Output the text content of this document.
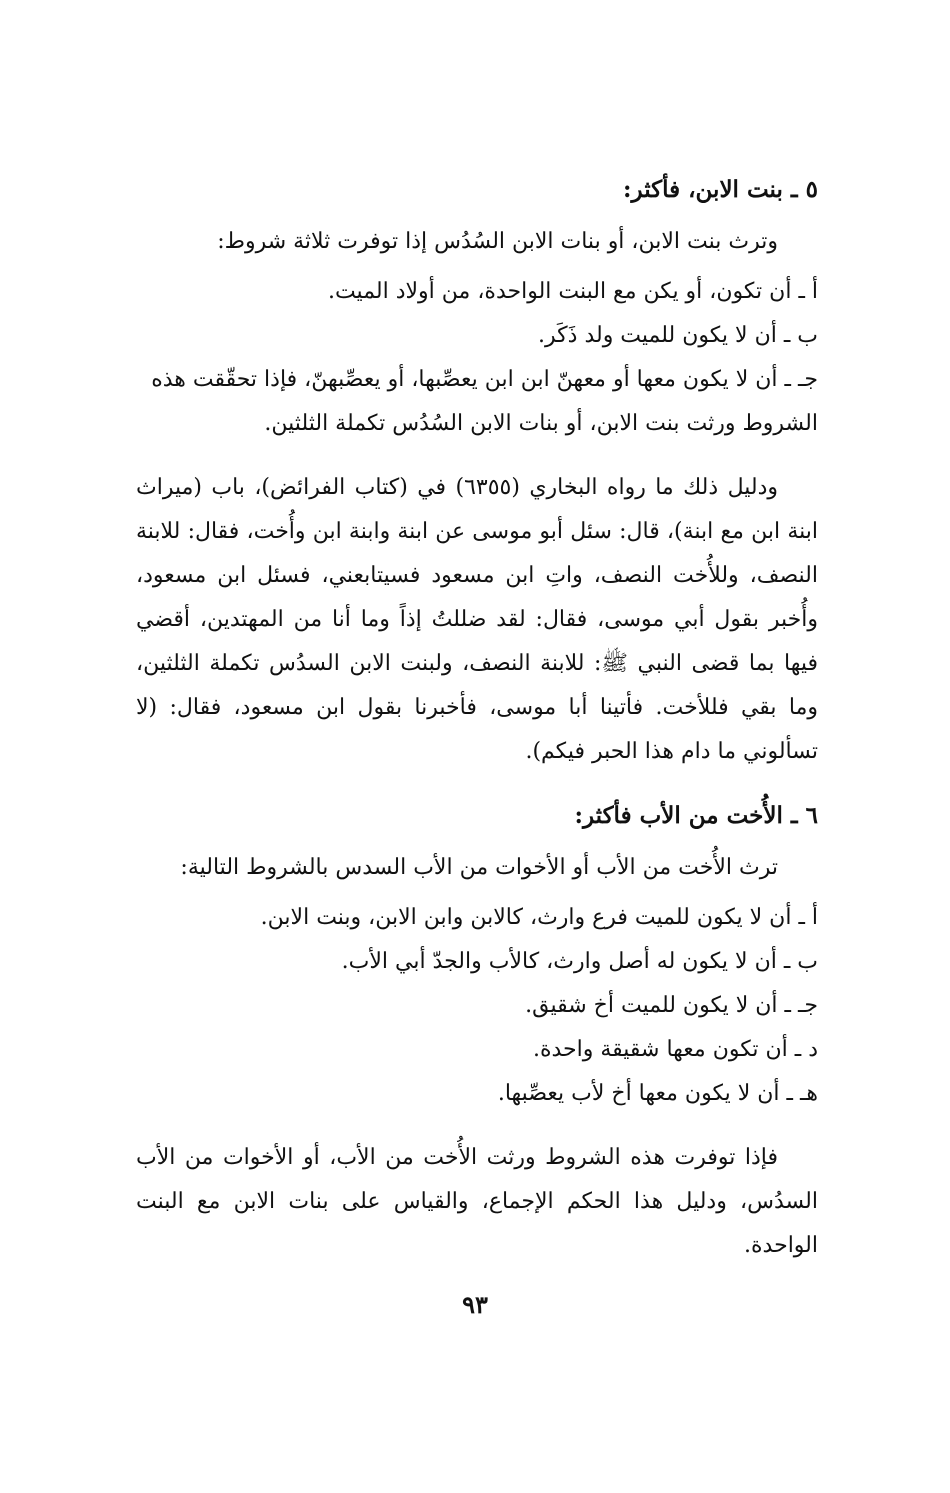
٥ ـ بنت الابن، فأكثر:
وترث بنت الابن، أو بنات الابن السُدُس إذا توفرت ثلاثة شروط:
أ ـ أن تكون، أو يكن مع البنت الواحدة، من أولاد الميت.
ب ـ أن لا يكون للميت ولد ذَكَر.
جـ ـ أن لا يكون معها أو معهنّ ابن ابن يعصِّبها، أو يعصِّبهنّ، فإذا تحقّقت هذه الشروط ورثت بنت الابن، أو بنات الابن السُدُس تكملة الثلثين.
ودليل ذلك ما رواه البخاري (٦٣٥٥) في (كتاب الفرائض)، باب (ميراث ابنة ابن مع ابنة)، قال: سئل أبو موسى عن ابنة وابنة ابن وأُخت، فقال: للابنة النصف، وللأُخت النصف، واتِ ابن مسعود فسيتابعني، فسئل ابن مسعود، وأُخبر بقول أبي موسى، فقال: لقد ضللتُ إذاً وما أنا من المهتدين، أقضي فيها بما قضى النبي ﷺ: للابنة النصف، ولبنت الابن السدُس تكملة الثلثين، وما بقي فللأخت. فأتينا أبا موسى، فأخبرنا بقول ابن مسعود، فقال: (لا تسألوني ما دام هذا الحبر فيكم).
٦ ـ الأُخت من الأب فأكثر:
ترث الأُخت من الأب أو الأخوات من الأب السدس بالشروط التالية:
أ ـ أن لا يكون للميت فرع وارث، كالابن وابن الابن، وبنت الابن.
ب ـ أن لا يكون له أصل وارث، كالأب والجدّ أبي الأب.
جـ ـ أن لا يكون للميت أخ شقيق.
د ـ أن تكون معها شقيقة واحدة.
هـ ـ أن لا يكون معها أخ لأب يعصِّبها.
فإذا توفرت هذه الشروط ورثت الأُخت من الأب، أو الأخوات من الأب السدُس، ودليل هذا الحكم الإجماع، والقياس على بنات الابن مع البنت الواحدة.
٩٣
